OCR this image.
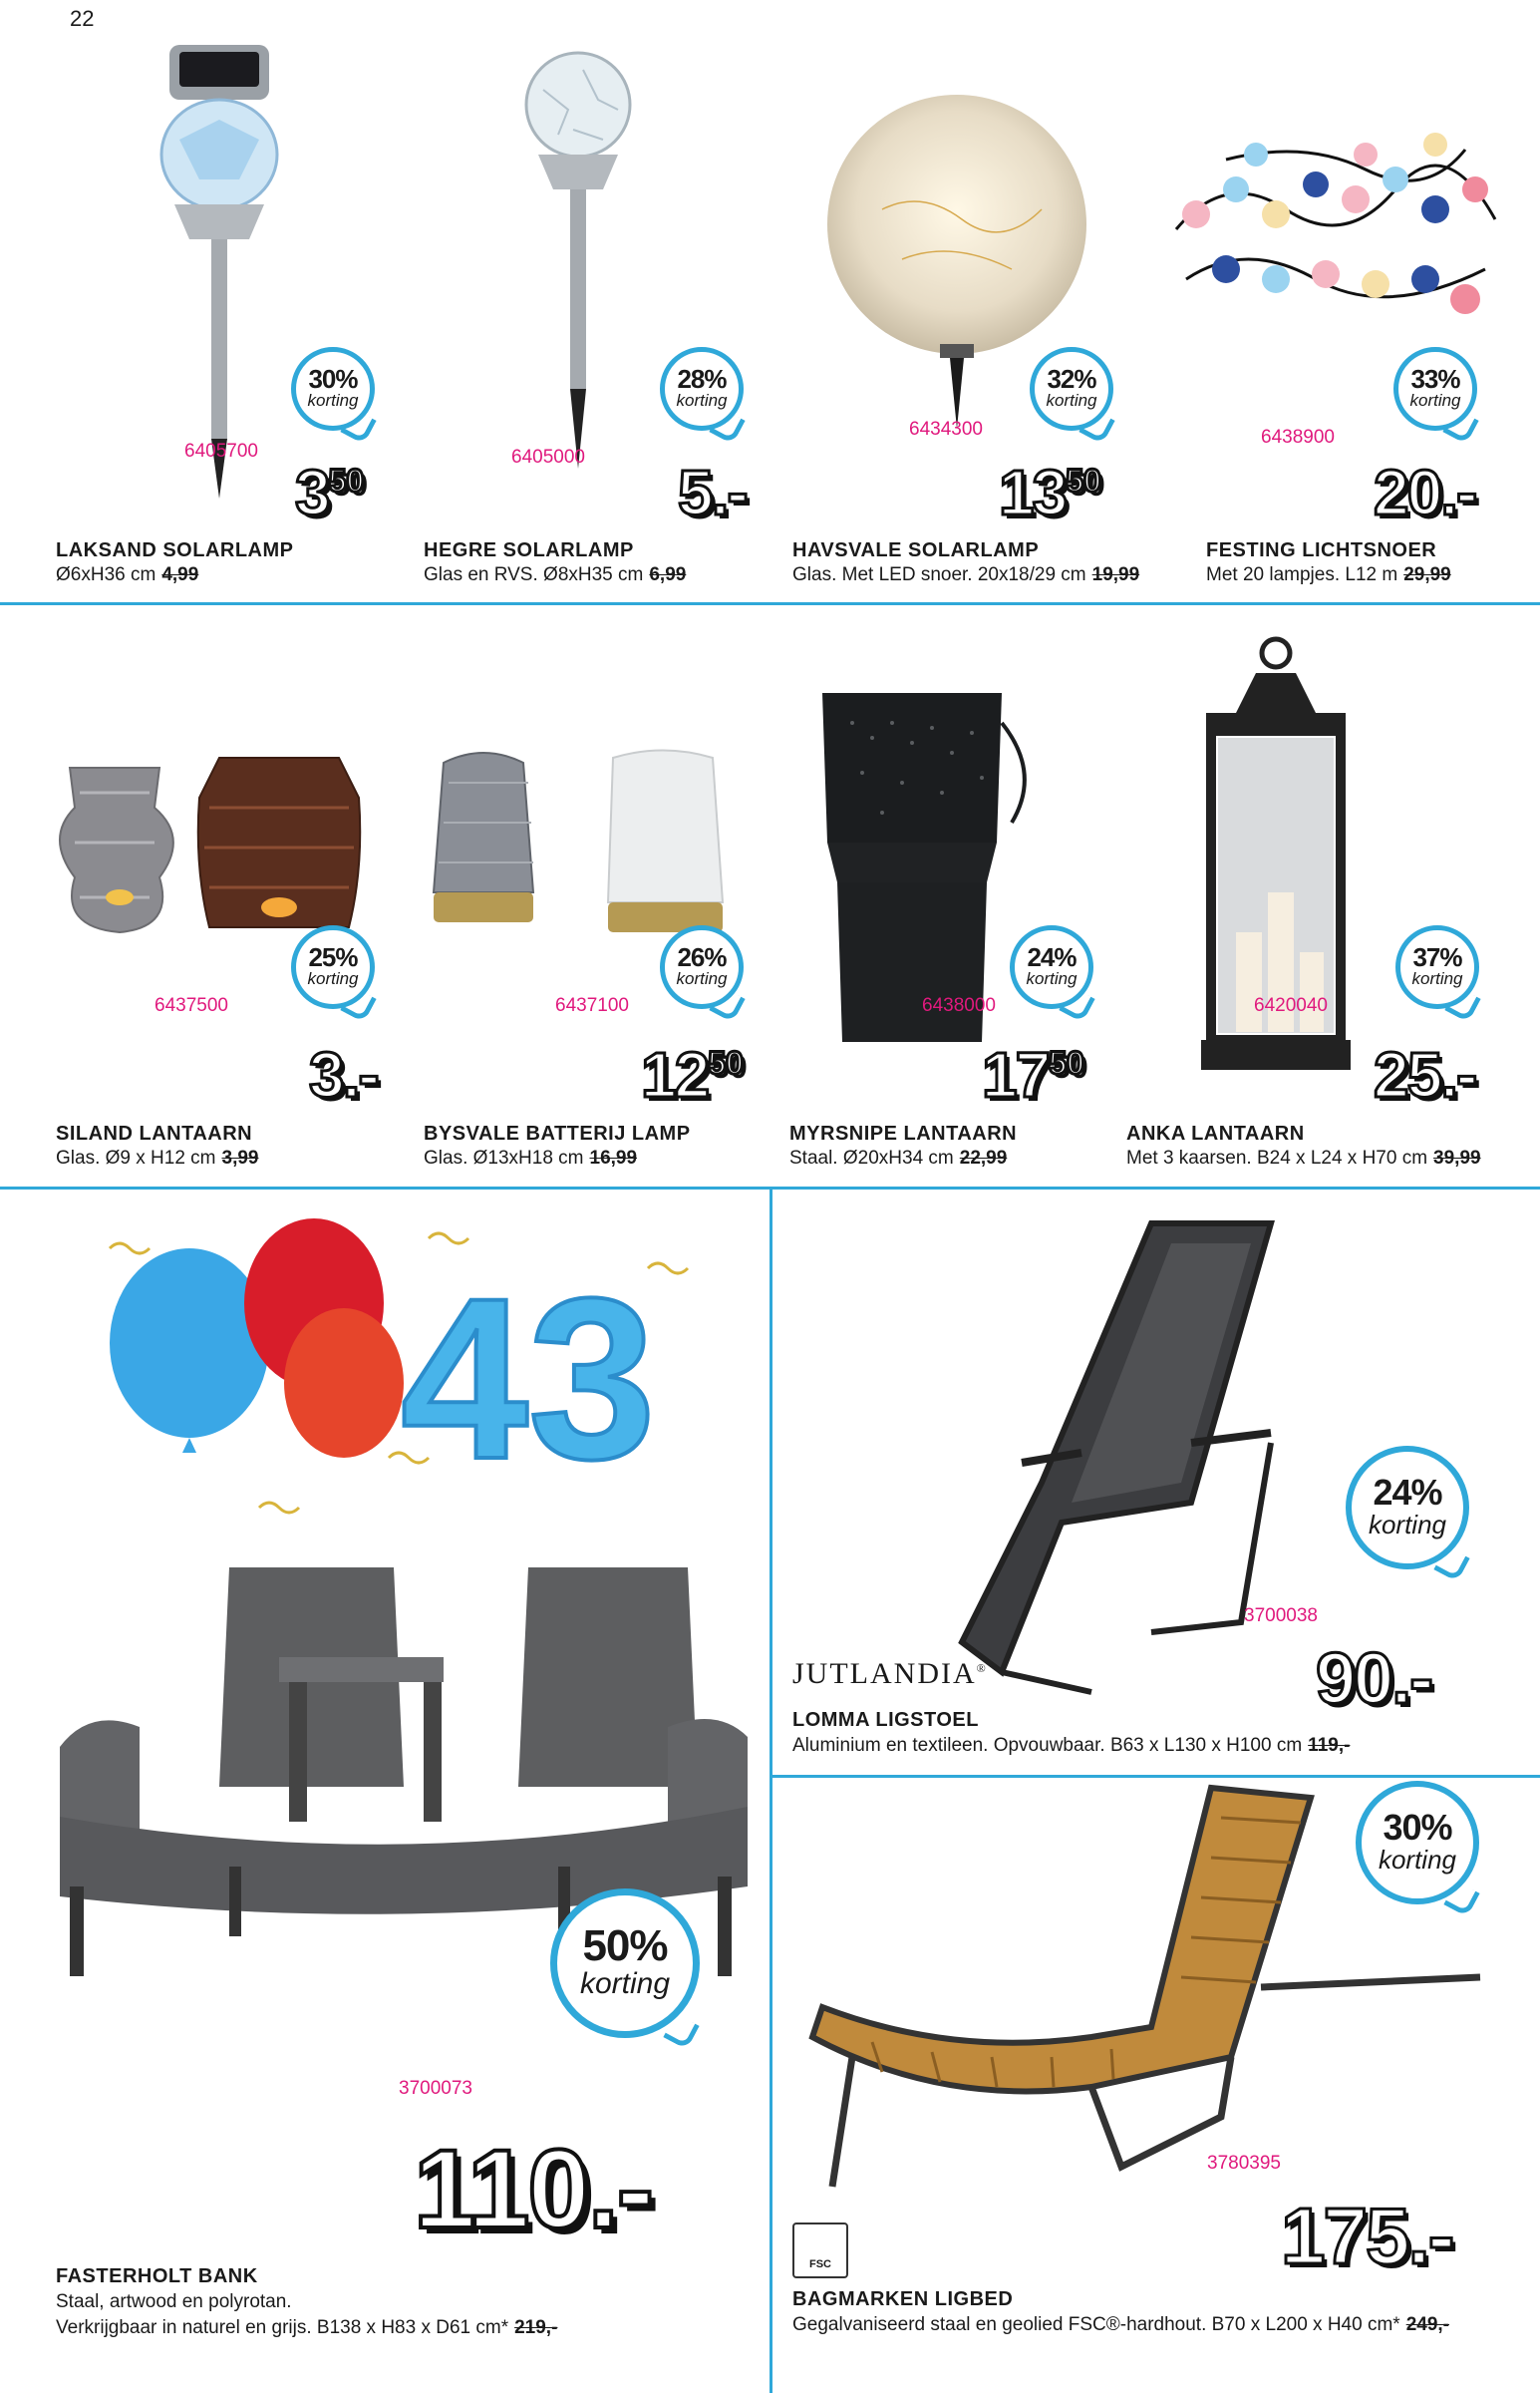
22
30%
korting
6405700
$3^{50}$
LAKSAND SOLARLAMP
Ø6xH36 cm 4,99
28%
korting
6405000 5.-
HEGRE SOLARLAMP
Glas en RVS. Ø8xH35 cm 6,99
32%
korting
6434300
$13^{50}$
HAVSVALE SOLARLAMP
Glas. Met LED snoer. 20x18/29 cm 19,99
33%
korting
6438900
20.-
FESTING LICHTSNOER
Met 20 lampjes. L12 m 29,99
25%
korting
6437500
3.-
SILAND LANTAARN
Glas. Ø9 x H12 cm 3,99
26%
korting
6437100
$12^{50}$
BYSVALE BATTERIJ LAMP
Glas. Ø13xH18 cm 16,99
24%
korting
6438000
$17^{50}$
MYRSNIPE LANTAARN
Staal. Ø20xH34 cm 22,99
37%
korting
6420040
25.-
ANKA LANTAARN
Met 3 kaarsen. B24 x L24 x H70 cm 39,99
43
50%
korting
3700073
110.-
FASTERHOLT BANK
Staal, artwood en polyrotan.
Verkrijgbaar in naturel en grijs. B138 x H83 x D61 cm* 219,-
24%
korting
3700038
JUTLANDIA®	90.-
LOMMA LIGSTOEL
Aluminium en textileen. Opvouwbaar. B63 x L130 x H100 cm 119,-
30%
korting
3780395
FSC	175.-
BAGMARKEN LIGBED
Gegalvaniseerd staal en geolied FSC®-hardhout. B70 x L200 x H40 cm* 249,-
